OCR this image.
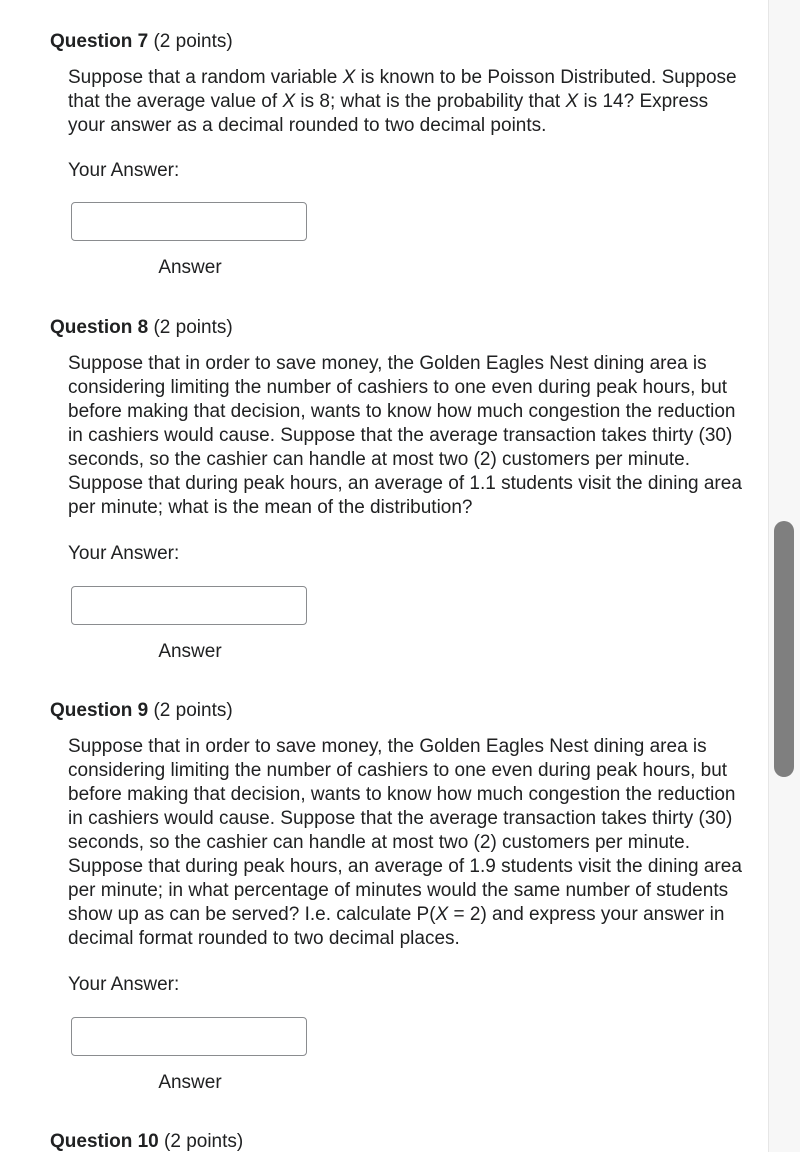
Question 7 (2 points)

Suppose that a random variable X is known to be Poisson Distributed. Suppose
that the average value of X is 8; what is the probability that X is 14? Express
your answer as a decimal rounded to two decimal points.

Your Answer:
Answer
Question 8 (2 points)

Suppose that in order to save money, the Golden Eagles Nest dining area is
considering limiting the number of cashiers to one even during peak hours, but
before making that decision, wants to know how much congestion the reduction
in cashiers would cause. Suppose that the average transaction takes thirty (30)
seconds, so the cashier can handle at most two (2) customers per minute.
Suppose that during peak hours, an average of 1.1 students visit the dining area
per minute; what is the mean of the distribution?

Your Answer:
Answer
Question 9 (2 points)

Suppose that in order to save money, the Golden Eagles Nest dining area is
considering limiting the number of cashiers to one even during peak hours, but
before making that decision, wants to know how much congestion the reduction
in cashiers would cause. Suppose that the average transaction takes thirty (30)
seconds, so the cashier can handle at most two (2) customers per minute.
Suppose that during peak hours, an average of 1.9 students visit the dining area
per minute; in what percentage of minutes would the same number of students
show up as can be served? I.e. calculate P(X = 2) and express your answer in
decimal format rounded to two decimal places.

Your Answer:
Answer
Question 10 (2 points)
